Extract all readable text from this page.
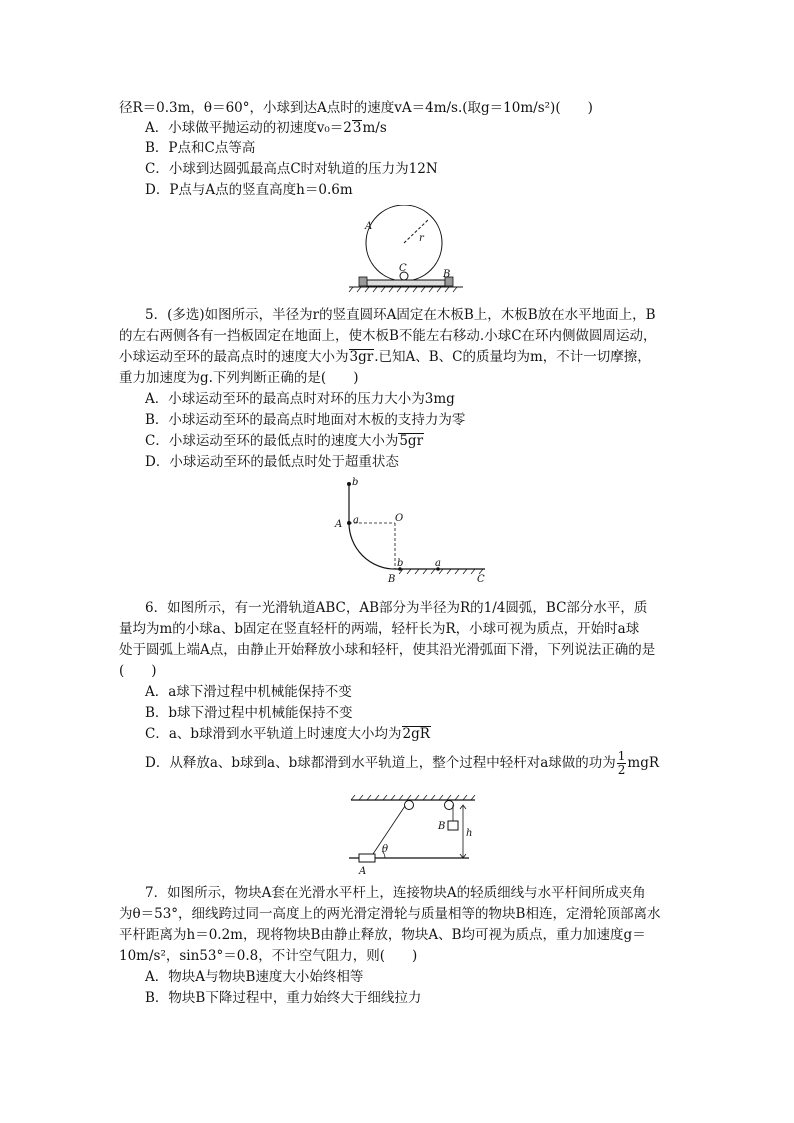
径R＝0.3m，θ＝60°，小球到达A点时的速度vA＝4m/s.(取g＝10m/s²)(　　)
A．小球做平抛运动的初速度v₀＝23m/s
B．P点和C点等高
C．小球到达圆弧最高点C时对轨道的压力为12N
D．P点与A点的竖直高度h＝0.6m
A
r
C
B
5．(多选)如图所示，半径为r的竖直圆环A固定在木板B上，木板B放在水平地面上，B
的左右两侧各有一挡板固定在地面上，使木板B不能左右移动.小球C在环内侧做圆周运动，
小球运动至环的最高点时的速度大小为3gr.已知A、B、C的质量均为m，不计一切摩擦，
重力加速度为g.下列判断正确的是(　　)
A．小球运动至环的最高点时对环的压力大小为3mg
B．小球运动至环的最高点时地面对木板的支持力为零
C．小球运动至环的最低点时的速度大小为5gr
D．小球运动至环的最低点时处于超重状态
b
A a	O
b	a
B	C
6．如图所示，有一光滑轨道ABC，AB部分为半径为R的1/4圆弧，BC部分水平，质
量均为m的小球a、b固定在竖直轻杆的两端，轻杆长为R，小球可视为质点，开始时a球
处于圆弧上端A点，由静止开始释放小球和轻杆，使其沿光滑弧面下滑，下列说法正确的是
(　　)
A．a球下滑过程中机械能保持不变
B．b球下滑过程中机械能保持不变
C．a、b球滑到水平轨道上时速度大小均为2gR
D．从释放a、b球到a、b球都滑到水平轨道上，整个过程中轻杆对a球做的功为 $\frac{1}{2}$ mgR
B
h
θ
A
7．如图所示，物块A套在光滑水平杆上，连接物块A的轻质细线与水平杆间所成夹角
为θ＝53°，细线跨过同一高度上的两光滑定滑轮与质量相等的物块B相连，定滑轮顶部离水
平杆距离为h＝0.2m，现将物块B由静止释放，物块A、B均可视为质点，重力加速度g＝
10m/s²，sin53°＝0.8，不计空气阻力，则(　　)
A．物块A与物块B速度大小始终相等
B．物块B下降过程中，重力始终大于细线拉力
